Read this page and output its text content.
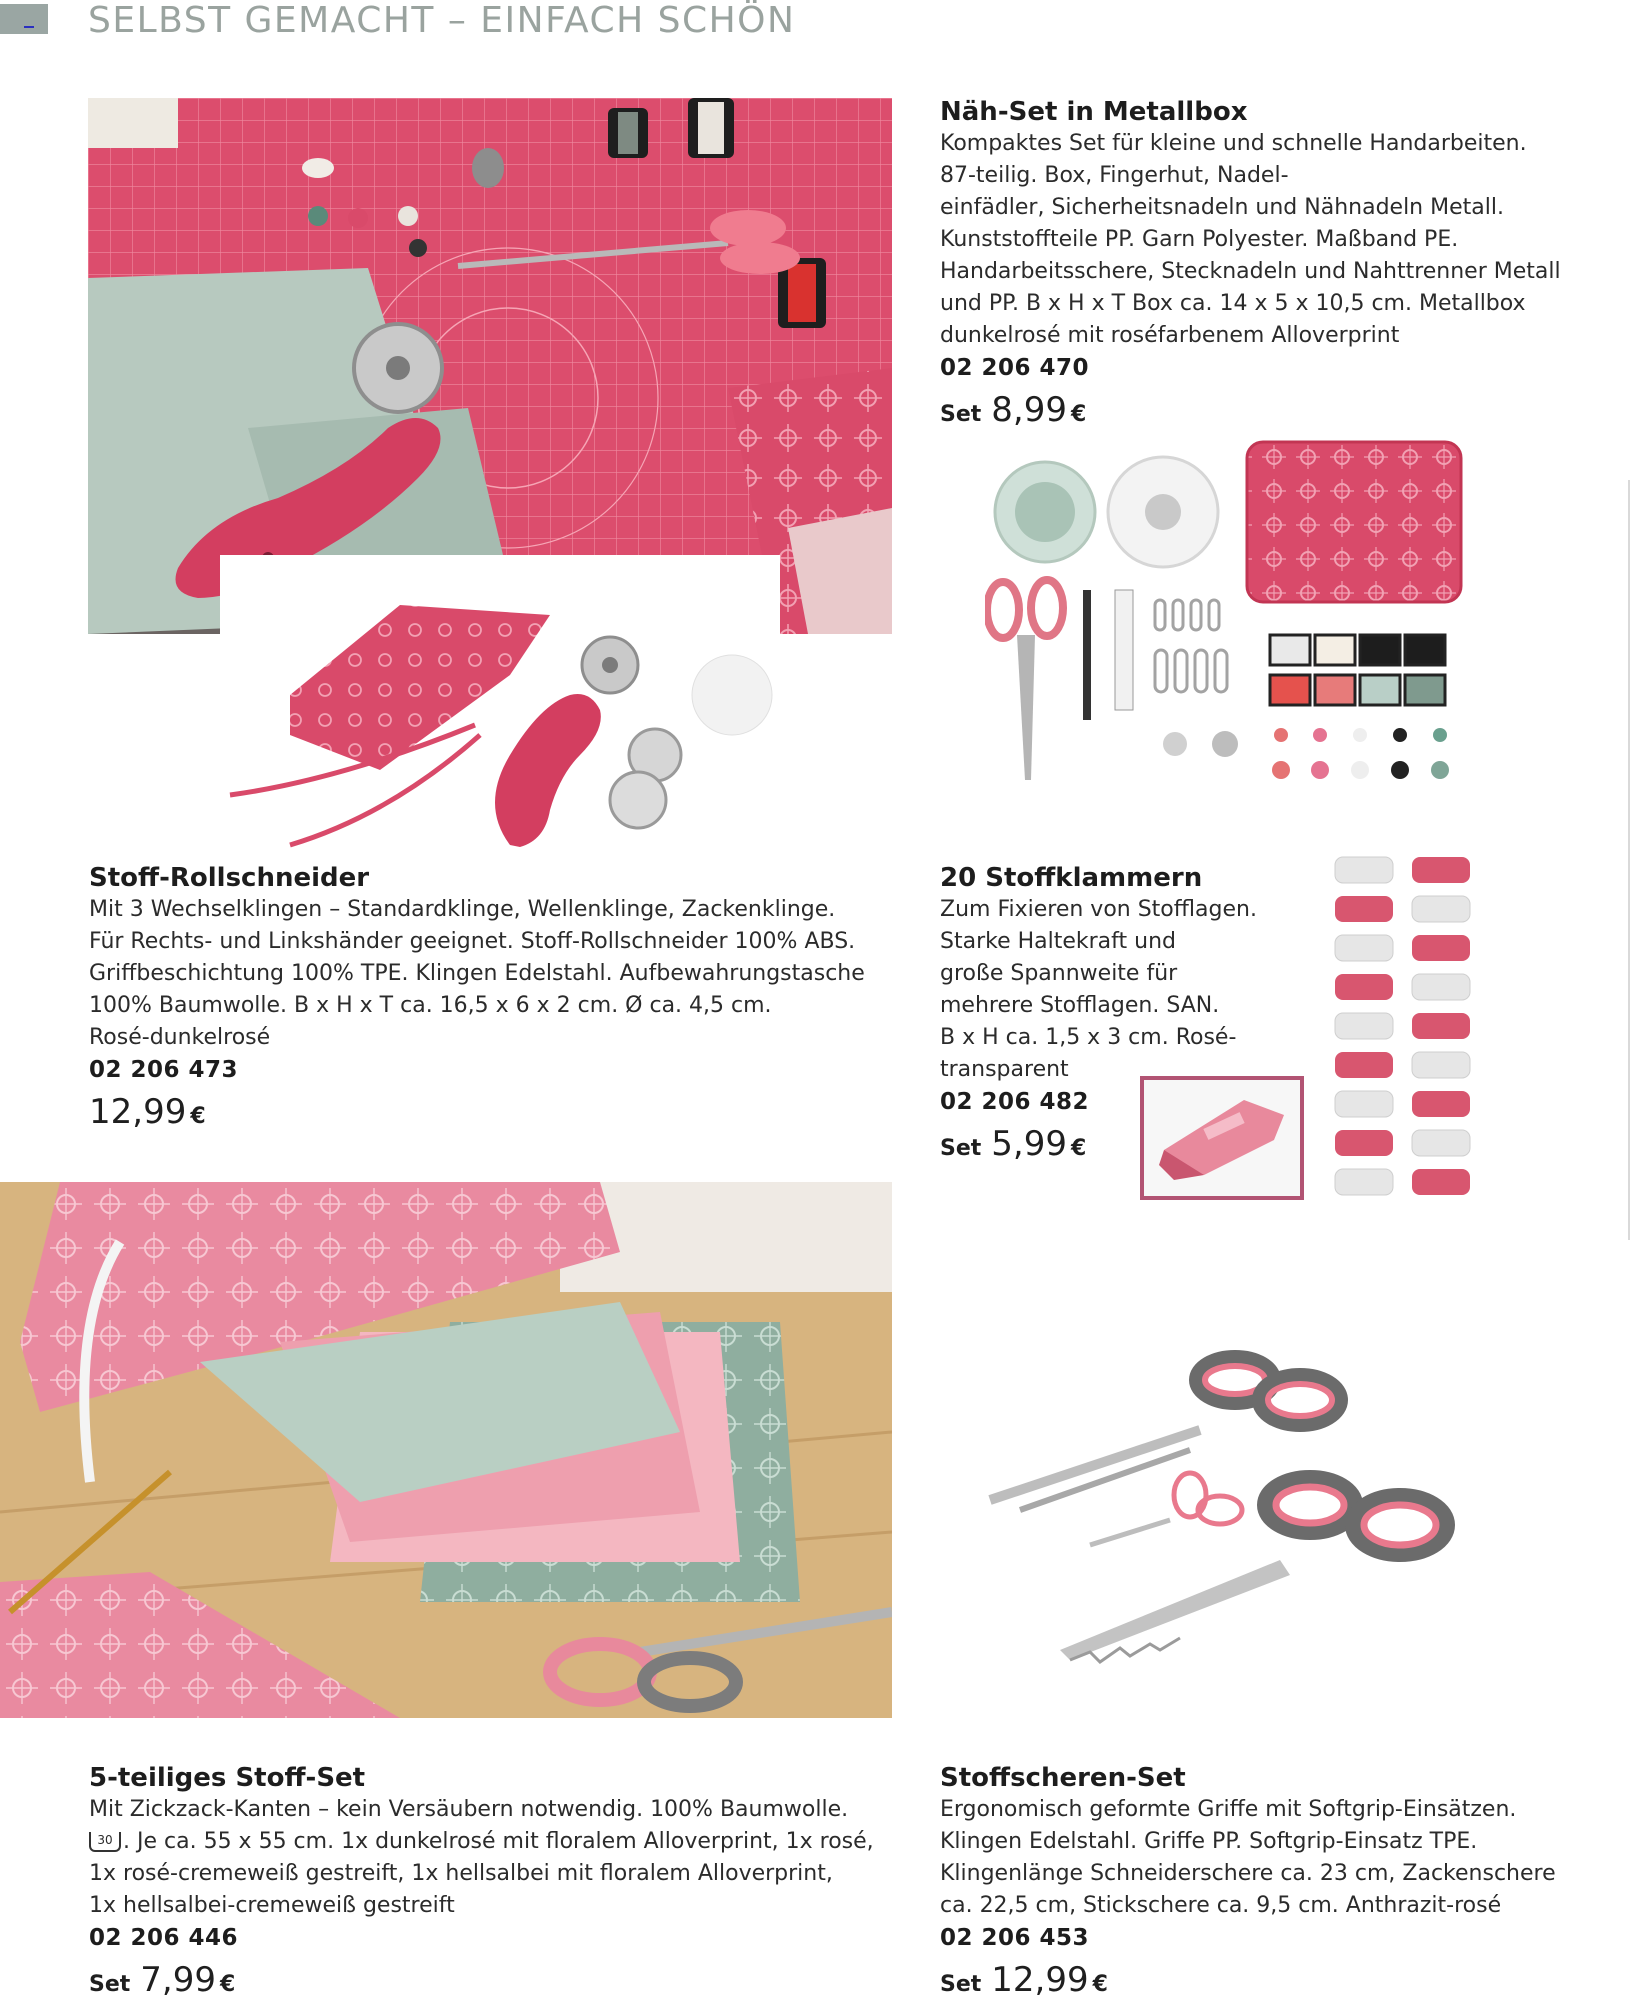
SELBST GEMACHT – EINFACH SCHÖN
Näh-Set in Metallbox

Kompaktes Set für kleine und schnelle Handarbeiten.

87-teilig. Box, Fingerhut, Nadel-

einfädler, Sicherheitsnadeln und Nähnadeln Metall.

Kunststoffteile PP. Garn Polyester. Maßband PE.

Handarbeitsschere, Stecknadeln und Nahttrenner Metall

und PP. B x H x T Box ca. 14 x 5 x 10,5 cm. Metallbox

dunkelrosé mit roséfarbenem Alloverprint

02 206 470
Set 8,99 €
Stoff-Rollschneider

Mit 3 Wechselklingen – Standardklinge, Wellenklinge, Zackenklinge.

Für Rechts- und Linkshänder geeignet. Stoff-Rollschneider 100% ABS.

Griffbeschichtung 100% TPE. Klingen Edelstahl. Aufbewahrungstasche

100% Baumwolle. B x H x T ca. 16,5 x 6 x 2 cm. Ø ca. 4,5 cm.

Rosé-dunkelrosé

02 206 473
12,99 €
20 Stoffklammern

Zum Fixieren von Stofflagen.

Starke Haltekraft und

große Spannweite für

mehrere Stofflagen. SAN.

B x H ca. 1,5 x 3 cm. Rosé-

transparent

02 206 482
Set 5,99 €
5-teiliges Stoff-Set

Mit Zickzack-Kanten – kein Versäubern notwendig. 100% Baumwolle.

30 . Je ca. 55 x 55 cm. 1x dunkelrosé mit floralem Alloverprint, 1x rosé,

1x rosé-cremeweiß gestreift, 1x hellsalbei mit floralem Alloverprint,

1x hellsalbei-cremeweiß gestreift

02 206 446
Set 7,99 €
Stoffscheren-Set

Ergonomisch geformte Griffe mit Softgrip-Einsätzen.

Klingen Edelstahl. Griffe PP. Softgrip-Einsatz TPE.

Klingenlänge Schneiderschere ca. 23 cm, Zackenschere

ca. 22,5 cm, Stickschere ca. 9,5 cm. Anthrazit-rosé

02 206 453
Set 12,99 €
